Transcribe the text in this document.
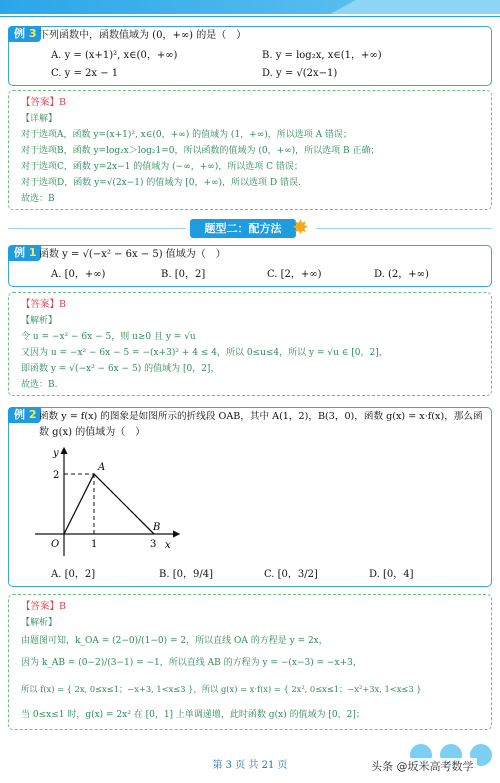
例 3 下列函数中，函数值域为 (0，+∞) 的是（　）
A. y = (x+1)², x∈(0，+∞)	B. y = log₂x, x∈(1，+∞)
C. y = 2x − 1	D. y = √(2x−1)
【答案】B
【详解】
对于选项A，函数 y=(x+1)², x∈(0，+∞) 的值域为 (1，+∞)，所以选项 A 错误；
对于选项B，函数 y=log₂x＞log₂1=0，所以函数的值域为 (0，+∞)，所以选项 B 正确；
对于选项C，函数 y=2x−1 的值域为 (−∞，+∞)，所以选项 C 错误；
对于选项D，函数 y=√(2x−1) 的值域为 [0，+∞)，所以选项 D 错误.
故选：B
题型二：配方法 ✸
例 1 函数 y = √(−x² − 6x − 5) 值域为（　）
A. [0，+∞)	B. [0，2]	C. [2，+∞)	D. (2，+∞)
【答案】B
【解析】
令 u = −x² − 6x − 5，则 u≥0 且 y = √u
又因为 u = −x² − 6x − 5 = −(x+3)² + 4 ≤ 4，所以 0≤u≤4，所以 y = √u ∈ [0，2]，
即函数 y = √(−x² − 6x − 5) 的值域为 [0，2]，
故选：B.
例 2 函数 y = f(x) 的图象是如图所示的折线段 OAB，其中 A(1，2)，B(3，0)，函数 g(x) = x·f(x)，那么函
数 g(x) 的值域为（　）
y
x
O
A
B
2
1	3
A. [0，2]	B. [0，9/4]	C. [0，3/2]	D. [0，4]
【答案】B
【解析】
由题图可知，k_OA = (2−0)/(1−0) = 2，所以直线 OA 的方程是 y = 2x，
因为 k_AB = (0−2)/(3−1) = −1，所以直线 AB 的方程为 y = −(x−3) = −x+3，
所以 f(x) = { 2x, 0≤x≤1；−x+3, 1<x≤3 }，所以 g(x) = x·f(x) = { 2x², 0≤x≤1；−x²+3x, 1<x≤3 }
当 0≤x≤1 时，g(x) = 2x² 在 [0，1] 上单调递增，此时函数 g(x) 的值域为 [0，2]；
第 3 页 共 21 页	头条 @坂米高考数学
